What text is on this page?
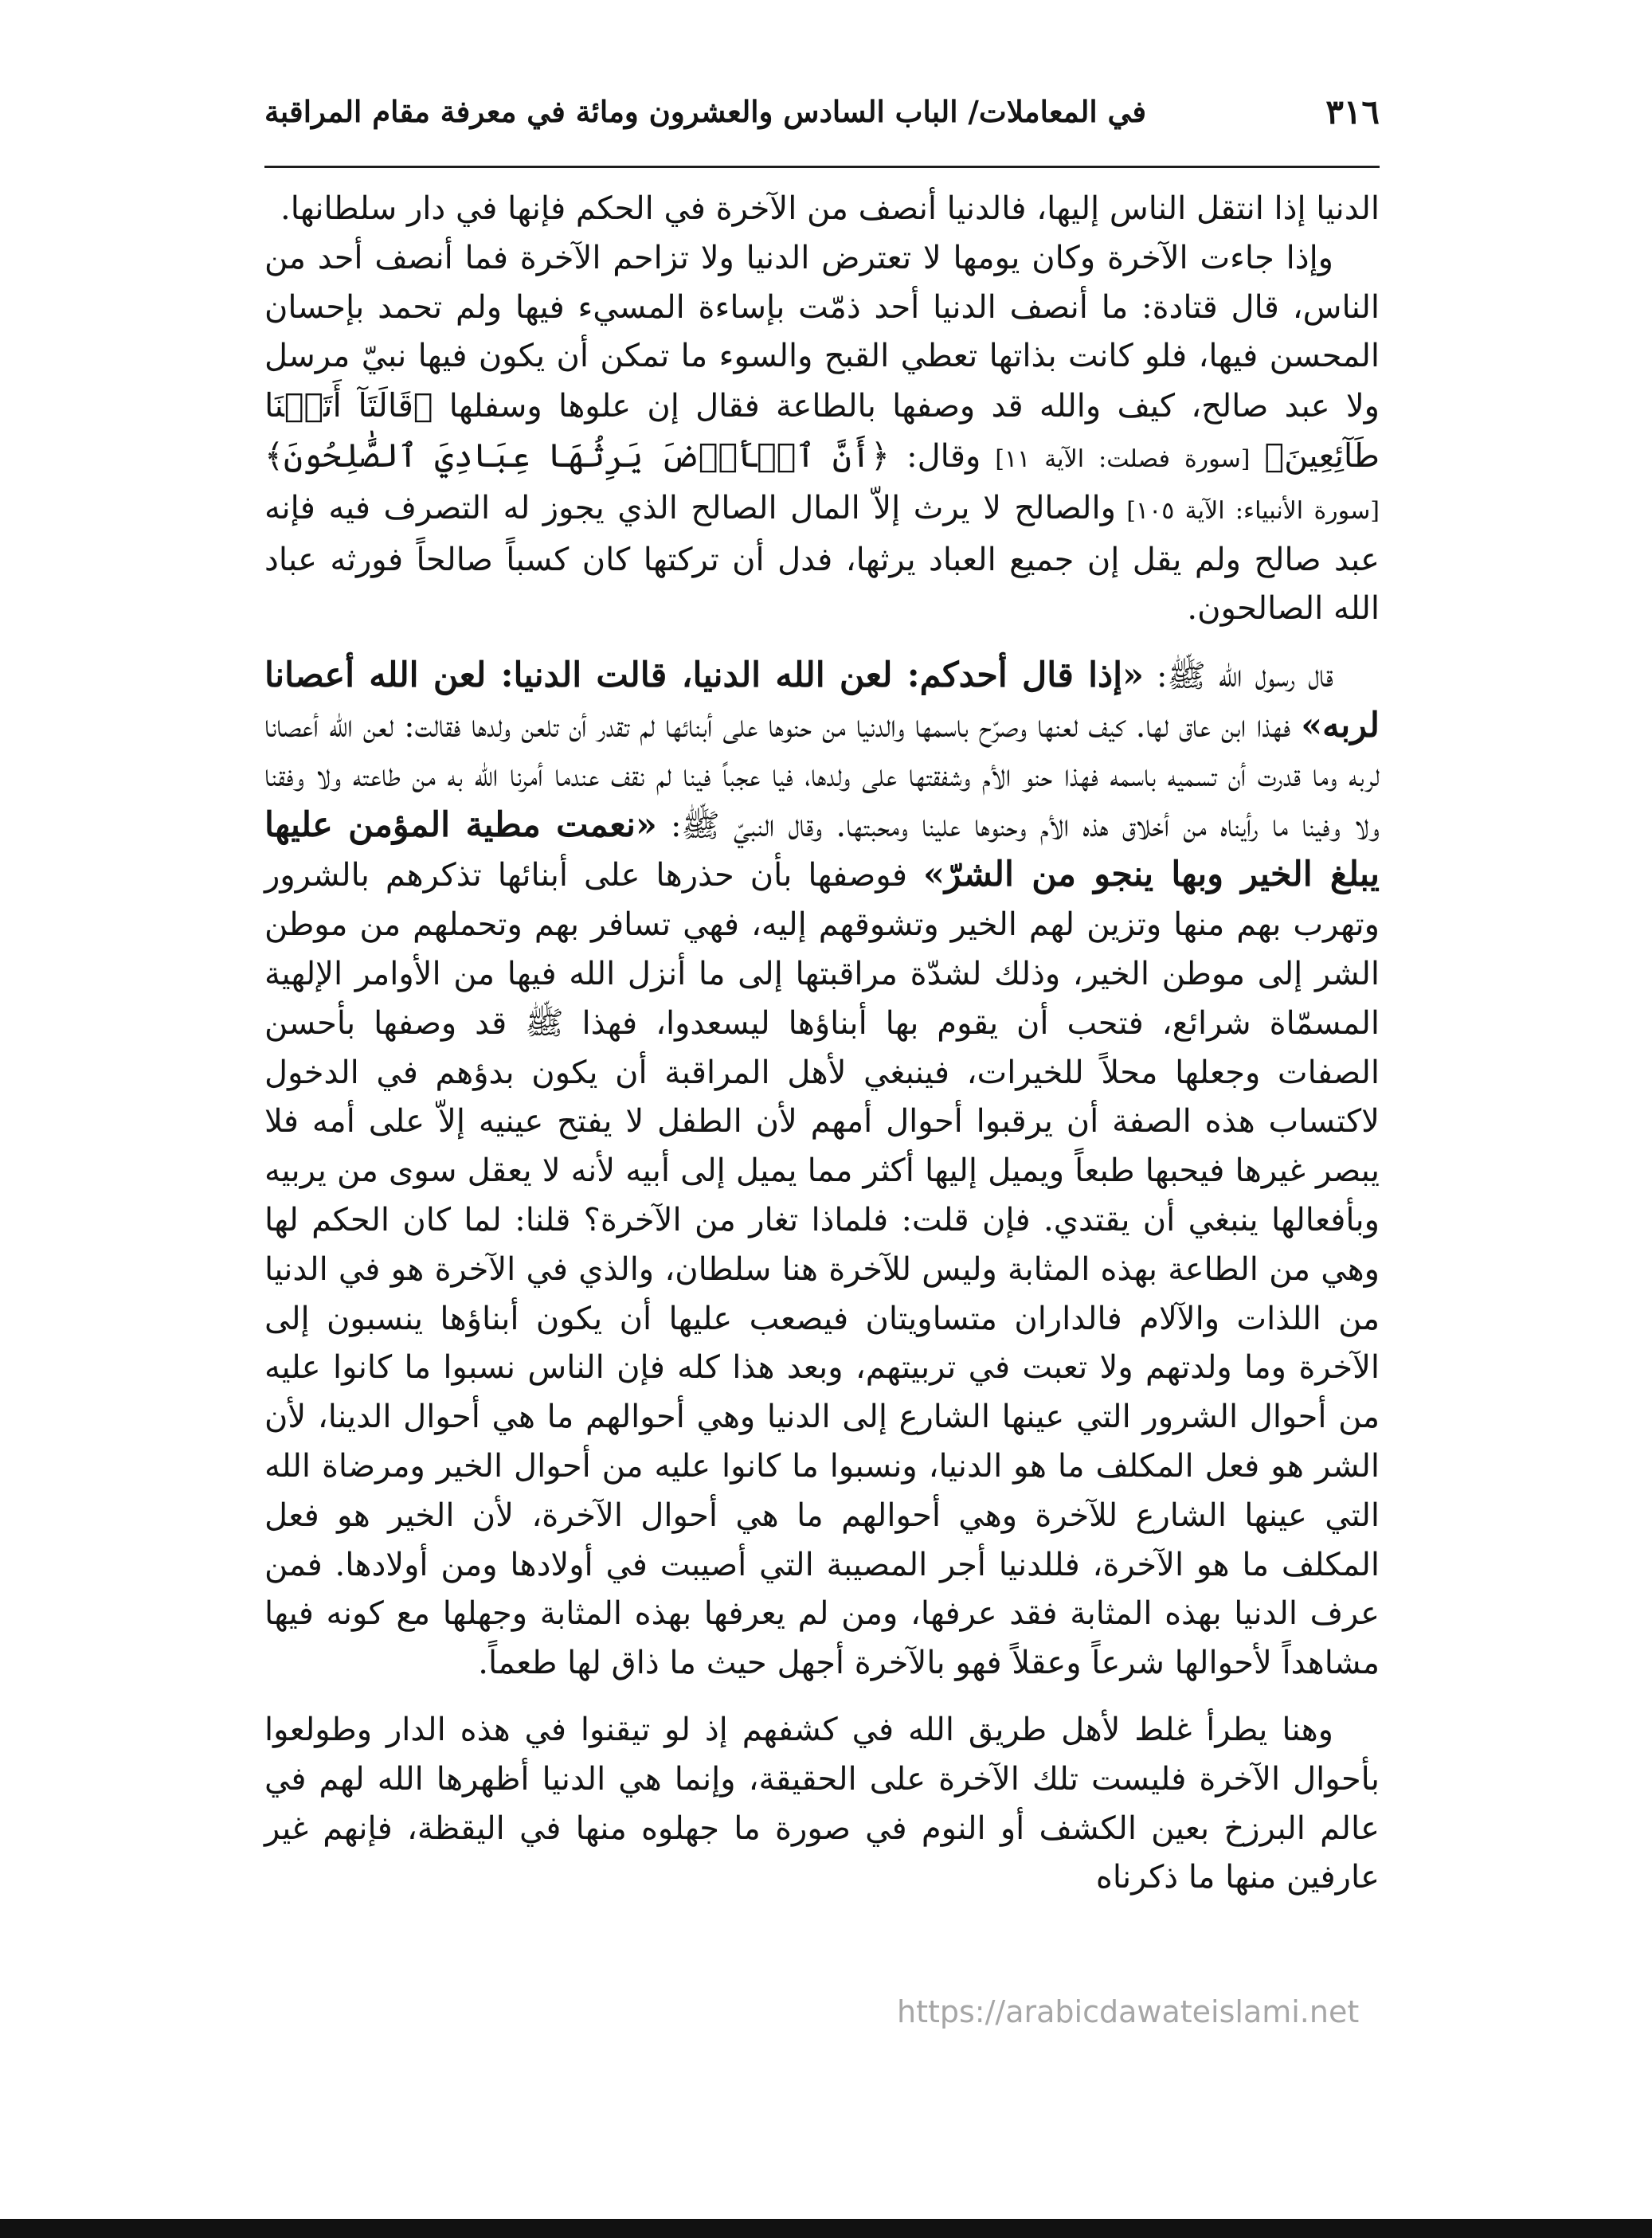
٣١٦
في المعاملات/ الباب السادس والعشرون ومائة في معرفة مقام المراقبة

الدنيا إذا انتقل الناس إليها، فالدنيا أنصف من الآخرة في الحكم فإنها في دار سلطانها.

وإذا جاءت الآخرة وكان يومها لا تعترض الدنيا ولا تزاحم الآخرة فما أنصف أحد من الناس، قال قتادة: ما أنصف الدنيا أحد ذمّت بإساءة المسيء فيها ولم تحمد بإحسان المحسن فيها، فلو كانت بذاتها تعطي القبح والسوء ما تمكن أن يكون فيها نبيّ مرسل ولا عبد صالح، كيف والله قد وصفها بالطاعة فقال إن علوها وسفلها ﴿قَالَتَآ أَتَيۡنَا طَآئِعِينَ﴾ [سورة فصلت: الآية ١١] وقال: ﴿أَنَّ ٱلۡأَرۡضَ يَرِثُهَا عِبَادِيَ ٱلصَّٰلِحُونَ﴾ [سورة الأنبياء: الآية ١٠٥] والصالح لا يرث إلاّ المال الصالح الذي يجوز له التصرف فيه فإنه عبد صالح ولم يقل إن جميع العباد يرثها، فدل أن تركتها كان كسباً صالحاً فورثه عباد الله الصالحون.

قال رسول الله ﷺ: «إذا قال أحدكم: لعن الله الدنيا، قالت الدنيا: لعن الله أعصانا لربه» فهذا ابن عاق لها. كيف لعنها وصرّح باسمها والدنيا من حنوها على أبنائها لم تقدر أن تلعن ولدها فقالت: لعن الله أعصانا لربه وما قدرت أن تسميه باسمه فهذا حنو الأم وشفقتها على ولدها، فيا عجباً فينا لم نقف عندما أمرنا الله به من طاعته ولا وفقنا ولا وفينا ما رأيناه من أخلاق هذه الأم وحنوها علينا ومحبتها. وقال النبيّ ﷺ: «نعمت مطية المؤمن عليها يبلغ الخير وبها ينجو من الشرّ» فوصفها بأن حذرها على أبنائها تذكرهم بالشرور وتهرب بهم منها وتزين لهم الخير وتشوقهم إليه، فهي تسافر بهم وتحملهم من موطن الشر إلى موطن الخير، وذلك لشدّة مراقبتها إلى ما أنزل الله فيها من الأوامر الإلهية المسمّاة شرائع، فتحب أن يقوم بها أبناؤها ليسعدوا، فهذا ﷺ قد وصفها بأحسن الصفات وجعلها محلاً للخيرات، فينبغي لأهل المراقبة أن يكون بدؤهم في الدخول لاكتساب هذه الصفة أن يرقبوا أحوال أمهم لأن الطفل لا يفتح عينيه إلاّ على أمه فلا يبصر غيرها فيحبها طبعاً ويميل إليها أكثر مما يميل إلى أبيه لأنه لا يعقل سوى من يربيه وبأفعالها ينبغي أن يقتدي. فإن قلت: فلماذا تغار من الآخرة؟ قلنا: لما كان الحكم لها وهي من الطاعة بهذه المثابة وليس للآخرة هنا سلطان، والذي في الآخرة هو في الدنيا من اللذات والآلام فالداران متساويتان فيصعب عليها أن يكون أبناؤها ينسبون إلى الآخرة وما ولدتهم ولا تعبت في تربيتهم، وبعد هذا كله فإن الناس نسبوا ما كانوا عليه من أحوال الشرور التي عينها الشارع إلى الدنيا وهي أحوالهم ما هي أحوال الدينا، لأن الشر هو فعل المكلف ما هو الدنيا، ونسبوا ما كانوا عليه من أحوال الخير ومرضاة الله التي عينها الشارع للآخرة وهي أحوالهم ما هي أحوال الآخرة، لأن الخير هو فعل المكلف ما هو الآخرة، فللدنيا أجر المصيبة التي أصيبت في أولادها ومن أولادها. فمن عرف الدنيا بهذه المثابة فقد عرفها، ومن لم يعرفها بهذه المثابة وجهلها مع كونه فيها مشاهداً لأحوالها شرعاً وعقلاً فهو بالآخرة أجهل حيث ما ذاق لها طعماً.

وهنا يطرأ غلط لأهل طريق الله في كشفهم إذ لو تيقنوا في هذه الدار وطولعوا بأحوال الآخرة فليست تلك الآخرة على الحقيقة، وإنما هي الدنيا أظهرها الله لهم في عالم البرزخ بعين الكشف أو النوم في صورة ما جهلوه منها في اليقظة، فإنهم غير عارفين منها ما ذكرناه

https://arabicdawateislami.net
